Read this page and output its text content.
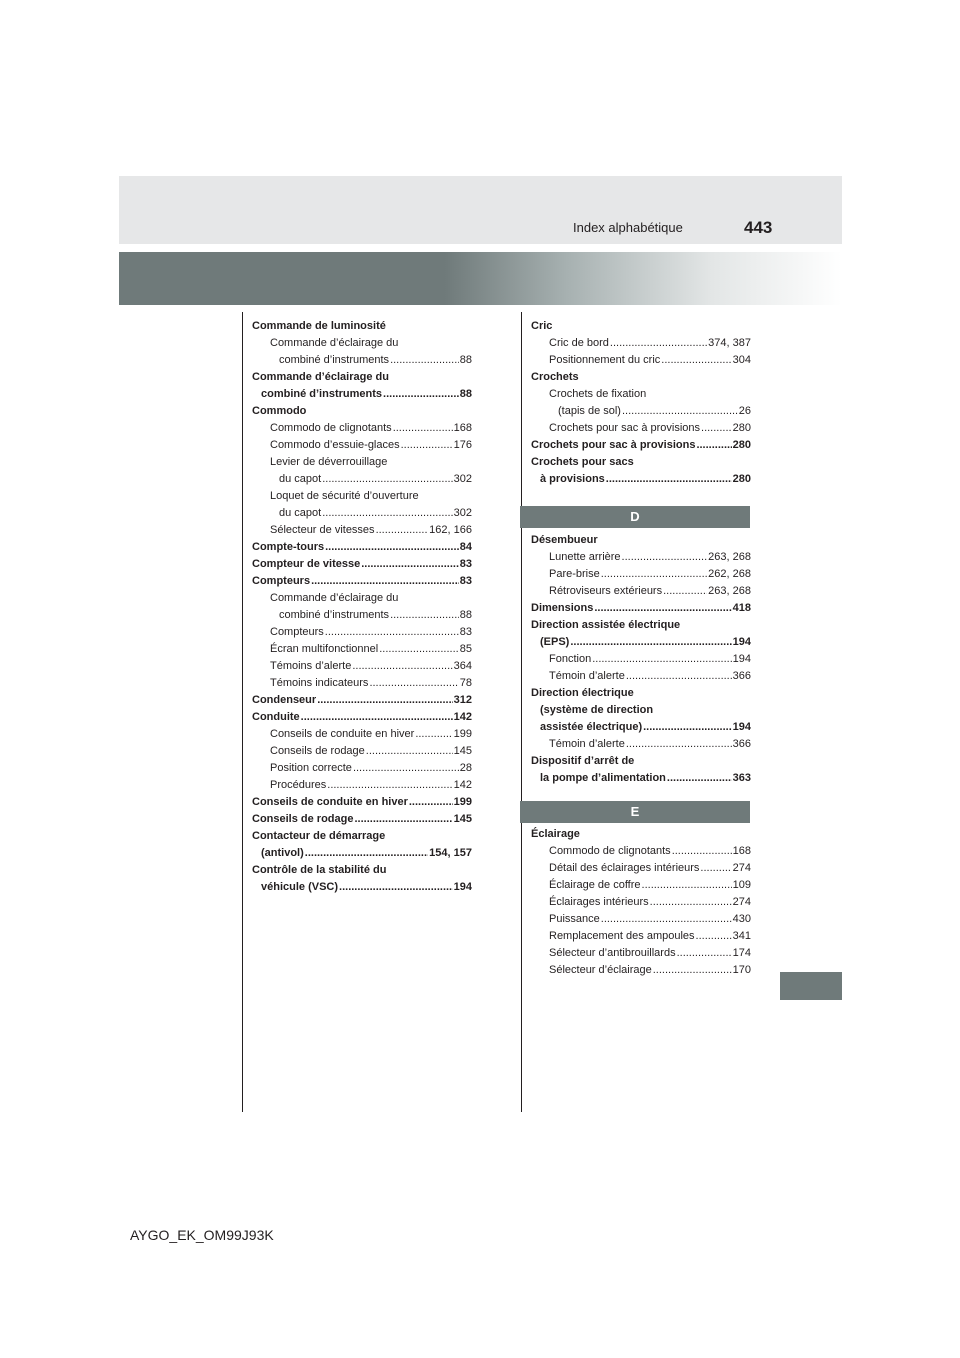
Index alphabétique	443
Commande de luminosité
Commande d’éclairage du
combiné d’instruments .....	88
Commande d’éclairage du
combiné d’instruments .....	88
Commodo
Commodo de clignotants .....	168
Commodo d’essuie-glaces .....	176
Levier de déverrouillage
du capot .....	302
Loquet de sécurité d’ouverture
du capot .....	302
Sélecteur de vitesses .....	162, 166
Compte-tours .....	84
Compteur de vitesse .....	83
Compteurs .....	83
Commande d’éclairage du
combiné d’instruments .....	88
Compteurs .....	83
Écran multifonctionnel .....	85
Témoins d’alerte .....	364
Témoins indicateurs .....	78
Condenseur .....	312
Conduite .....	142
Conseils de conduite en hiver .....	199
Conseils de rodage .....	145
Position correcte .....	28
Procédures .....	142
Conseils de conduite en hiver .....	199
Conseils de rodage .....	145
Contacteur de démarrage
(antivol) .....	154, 157
Contrôle de la stabilité du
véhicule (VSC) .....	194
Cric
Cric de bord .....	374, 387
Positionnement du cric .....	304
Crochets
Crochets de fixation
(tapis de sol) .....	26
Crochets pour sac à provisions .....	280
Crochets pour sac à provisions .....	280
Crochets pour sacs
à provisions .....	280
D
Désembueur
Lunette arrière .....	263, 268
Pare-brise .....	262, 268
Rétroviseurs extérieurs .....	263, 268
Dimensions .....	418
Direction assistée électrique
(EPS) .....	194
Fonction .....	194
Témoin d’alerte .....	366
Direction électrique
(système de direction
assistée électrique) .....	194
Témoin d’alerte .....	366
Dispositif d’arrêt de
la pompe d’alimentation .....	363
E
Éclairage
Commodo de clignotants .....	168
Détail des éclairages intérieurs .....	274
Éclairage de coffre .....	109
Éclairages intérieurs .....	274
Puissance .....	430
Remplacement des ampoules .....	341
Sélecteur d’antibrouillards .....	174
Sélecteur d’éclairage .....	170
AYGO_EK_OM99J93K
